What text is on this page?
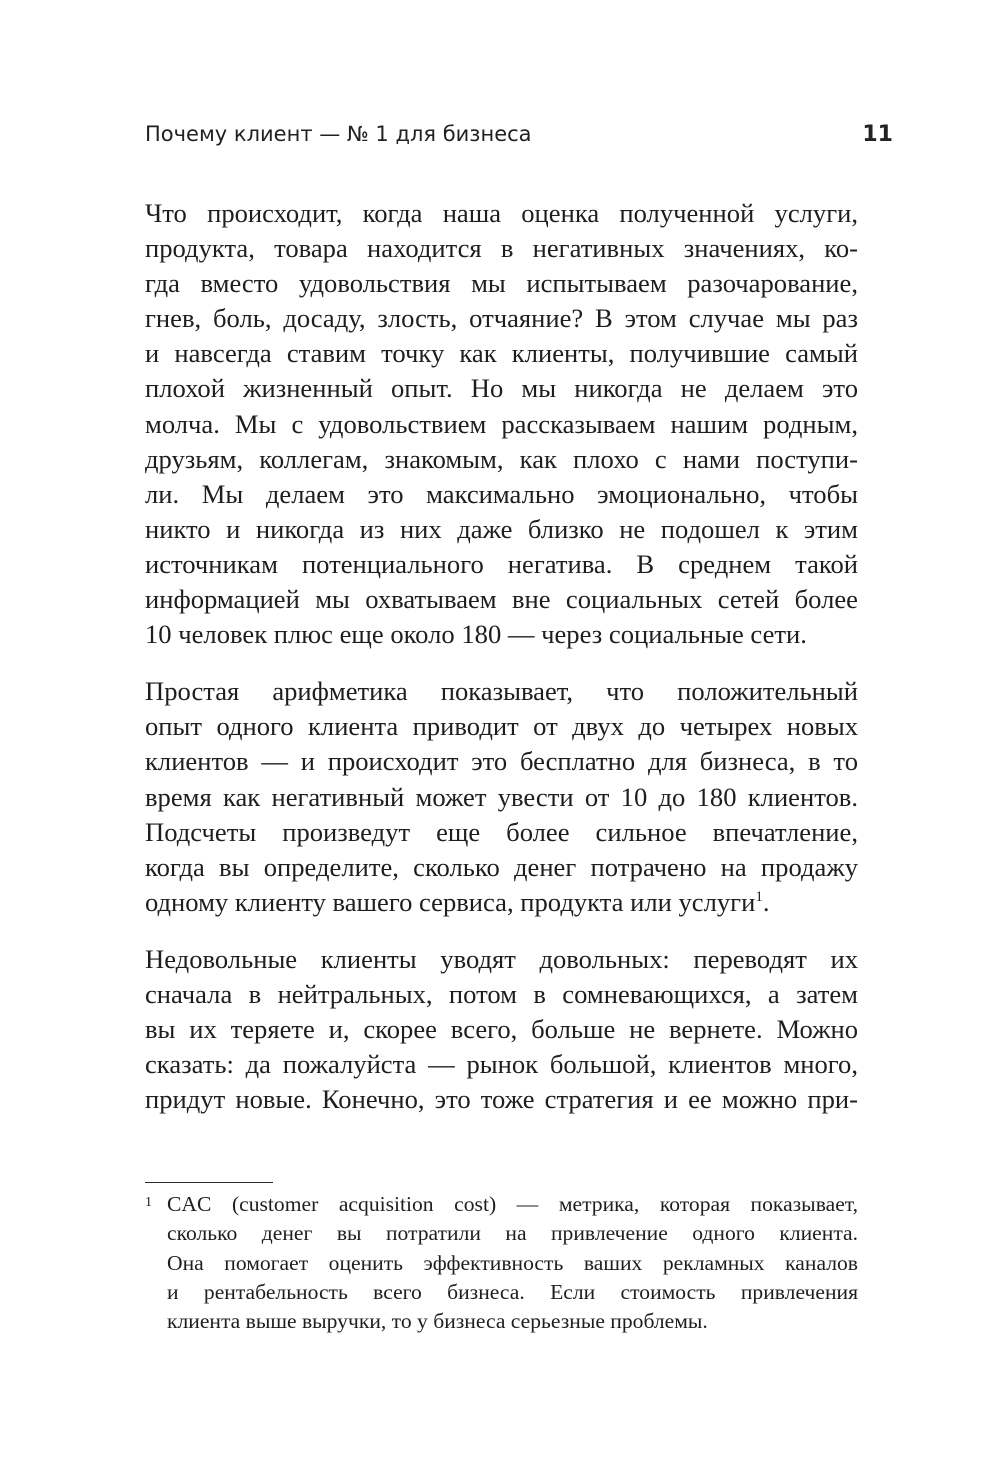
Почему клиент — № 1 для бизнеса	11

Что происходит, когда наша оценка полученной услуги,
продукта, товара находится в негативных значениях, ко-
гда вместо удовольствия мы испытываем разочарование,
гнев, боль, досаду, злость, отчаяние? В этом случае мы раз
и навсегда ставим точку как клиенты, получившие самый
плохой жизненный опыт. Но мы никогда не делаем это
молча. Мы с удовольствием рассказываем нашим родным,
друзьям, коллегам, знакомым, как плохо с нами поступи-
ли. Мы делаем это максимально эмоционально, чтобы
никто и никогда из них даже близко не подошел к этим
источникам потенциального негатива. В среднем такой
информацией мы охватываем вне социальных сетей более
10 человек плюс еще около 180 — через социальные сети.

Простая арифметика показывает, что положительный
опыт одного клиента приводит от двух до четырех новых
клиентов — и происходит это бесплатно для бизнеса, в то
время как негативный может увести от 10 до 180 клиентов.
Подсчеты произведут еще более сильное впечатление,
когда вы определите, сколько денег потрачено на продажу
одному клиенту вашего сервиса, продукта или услуги$^1$.

Недовольные клиенты уводят довольных: переводят их
сначала в нейтральных, потом в сомневающихся, а затем
вы их теряете и, скорее всего, больше не вернете. Можно
сказать: да пожалуйста — рынок большой, клиентов много,
придут новые. Конечно, это тоже стратегия и ее можно при-

1 CAC (customer acquisition cost) — метрика, которая показывает,
сколько денег вы потратили на привлечение одного клиента.
Она помогает оценить эффективность ваших рекламных каналов
и рентабельность всего бизнеса. Если стоимость привлечения
клиента выше выручки, то у бизнеса серьезные проблемы.
